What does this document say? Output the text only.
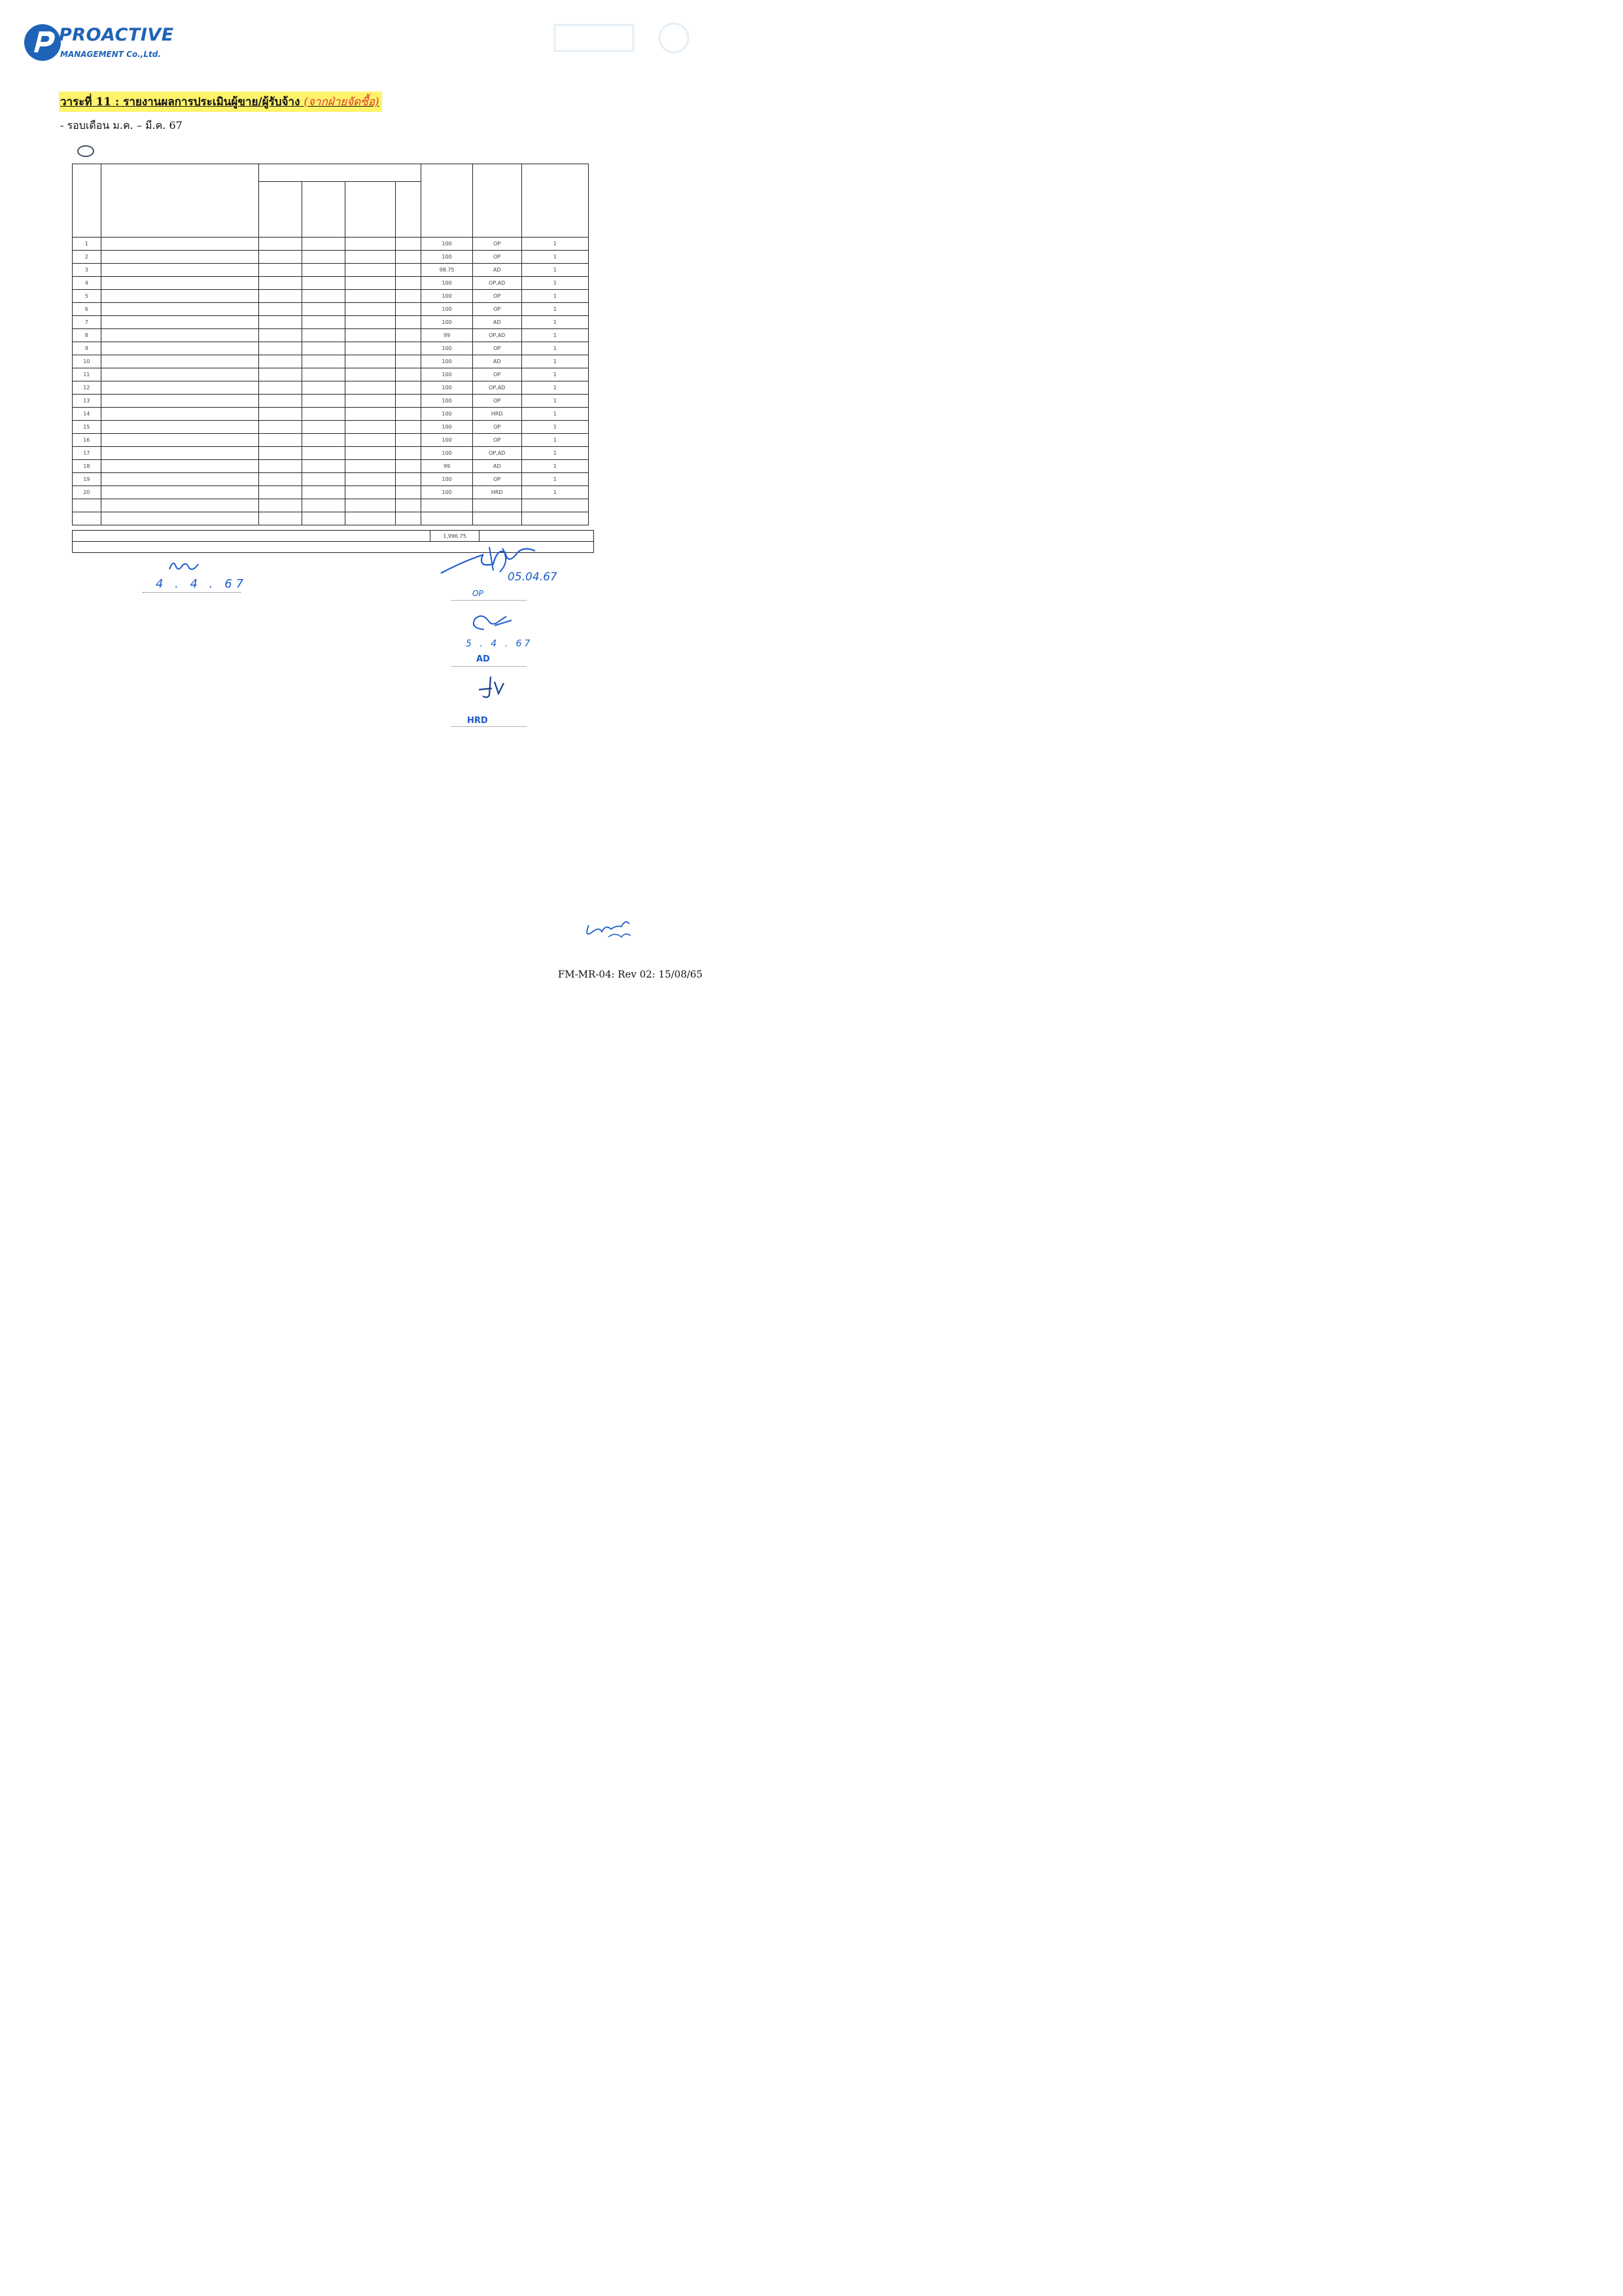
PROACTIVE
MANAGEMENT Co.,Ltd.
วาระที่ 11 : รายงานผลการประเมินผู้ขาย/ผู้รับจ้าง (จากฝ่ายจัดซื้อ)
- รอบเดือน ม.ค. – มี.ค. 67

1						100	OP	1
2						100	OP	1
3						98.75	AD	1
4						100	OP,AD	1
5						100	OP	1
6						100	OP	1
7						100	AD	1
8						99	OP,AD	1
9						100	OP	1
10						100	AD	1
11						100	OP	1
12						100	OP,AD	1
13						100	OP	1
14						100	HRD	1
15						100	OP	1
16						100	OP	1
17						100	OP,AD	1
18						99	AD	1
19						100	OP	1
20						100	HRD	1

	1,996.75	

4 . 4 . 67	05.04.67
OP
5 . 4 . 67
AD
HRD
FM-MR-04: Rev 02: 15/08/65
